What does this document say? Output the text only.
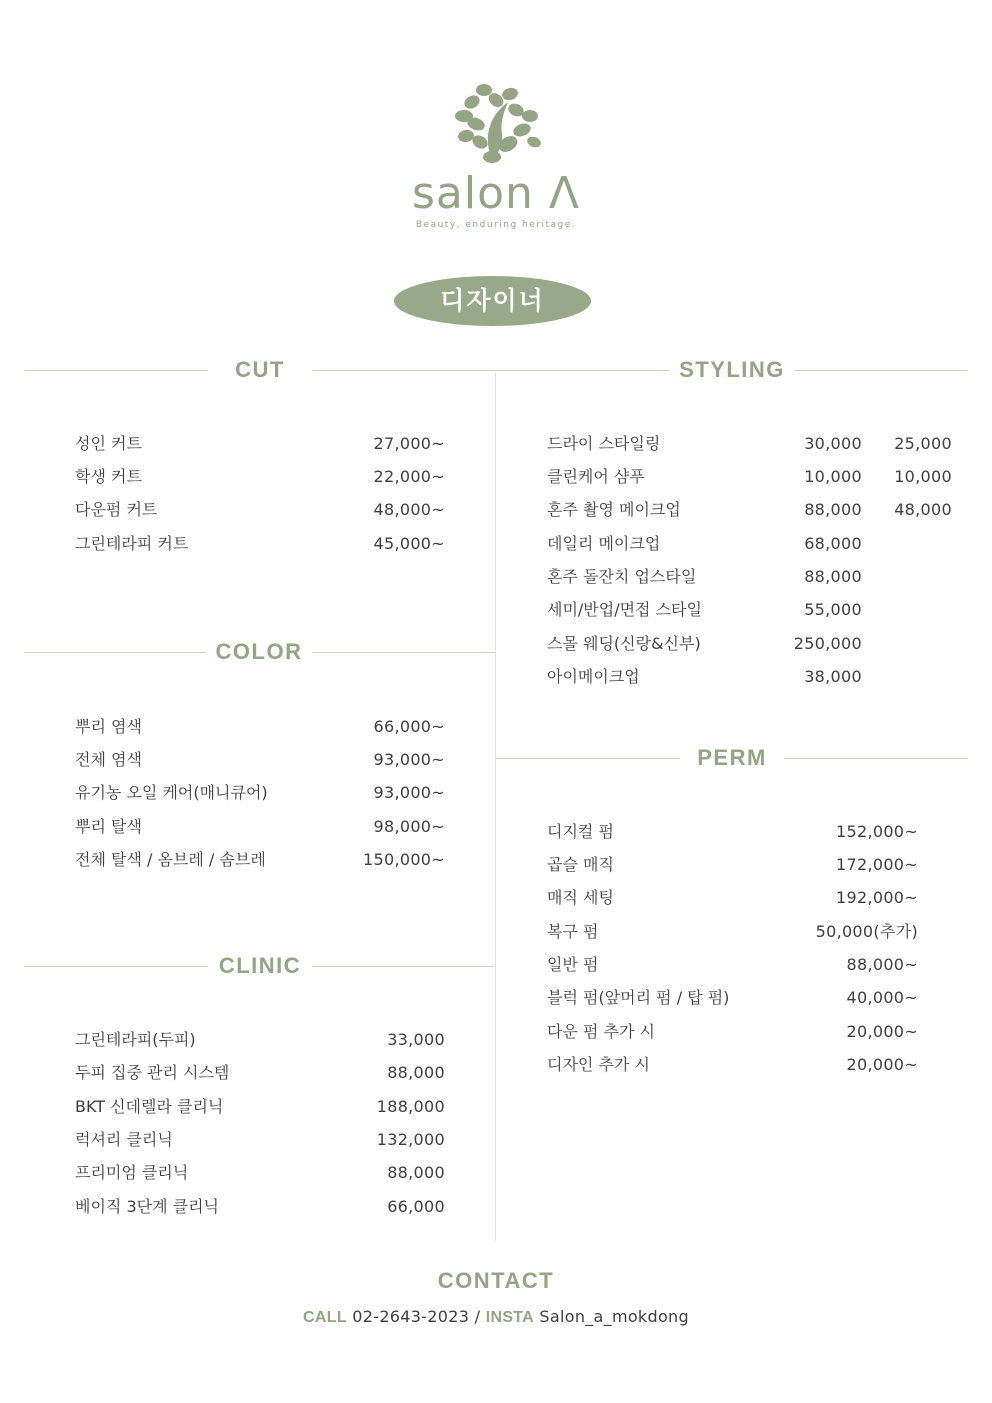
salon Λ
Beauty, enduring heritage.
디자이너
CUT	STYLING
COLOR
CLINIC
PERM
성인 커트	27,000~
학생 커트	22,000~
다운펌 커트	48,000~
그린테라피 커트	45,000~
뿌리 염색	66,000~
전체 염색	93,000~
유기농 오일 케어(매니큐어)	93,000~
뿌리 탈색	98,000~
전체 탈색 / 옴브레 / 솜브레	150,000~
그린테라피(두피)	33,000
두피 집중 관리 시스템	88,000
BKT 신데렐라 클리닉	188,000
럭셔리 클리닉	132,000
프리미엄 클리닉	88,000
베이직 3단계 클리닉	66,000
드라이 스타일링	30,000	25,000
클린케어 샴푸	10,000	10,000
혼주 촬영 메이크업	88,000	48,000
데일리 메이크업	68,000
혼주 돌잔치 업스타일	88,000
세미/반업/면접 스타일	55,000
스몰 웨딩(신랑&신부)	250,000
아이메이크업	38,000
디지컬 펌	152,000~
곱슬 매직	172,000~
매직 세팅	192,000~
복구 펌	50,000(추가)
일반 펌	88,000~
블럭 펌(앞머리 펌 / 탑 펌)	40,000~
다운 펌 추가 시	20,000~
디자인 추가 시	20,000~
CONTACT
CALL 02-2643-2023 / INSTA Salon_a_mokdong
